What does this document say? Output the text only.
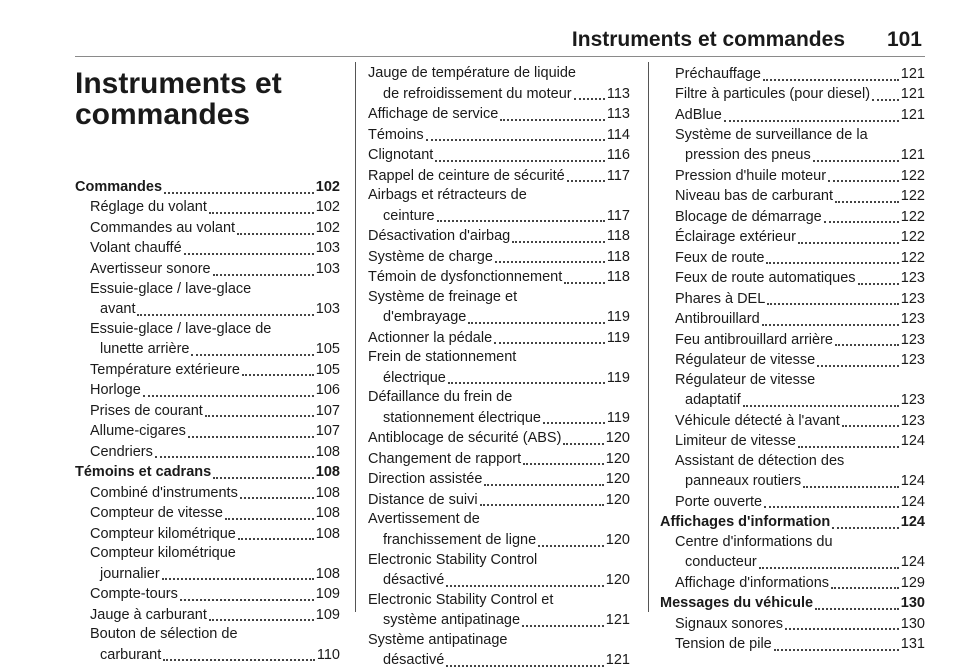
Instruments et commandes 101
Instruments et
commandes
Commandes	102
Réglage du volant	102
Commandes au volant	102
Volant chauffé	103
Avertisseur sonore	103
Essuie-glace / lave-glace
avant	103
Essuie-glace / lave-glace de
lunette arrière	105
Température extérieure	105
Horloge	106
Prises de courant	107
Allume-cigares	107
Cendriers	108
Témoins et cadrans	108
Combiné d'instruments	108
Compteur de vitesse	108
Compteur kilométrique	108
Compteur kilométrique
journalier	108
Compte-tours	109
Jauge à carburant	109
Bouton de sélection de
carburant	110
Jauge de température de liquide
de refroidissement du moteur 113
Affichage de service	113
Témoins	114
Clignotant	116
Rappel de ceinture de sécurité	117
Airbags et rétracteurs de
ceinture	117
Désactivation d'airbag	118
Système de charge	118
Témoin de dysfonctionnement	118
Système de freinage et
d'embrayage	119
Actionner la pédale	119
Frein de stationnement
électrique	119
Défaillance du frein de
stationnement électrique	119
Antiblocage de sécurité (ABS)	120
Changement de rapport	120
Direction assistée	120
Distance de suivi	120
Avertissement de
franchissement de ligne	120
Electronic Stability Control
désactivé	120
Electronic Stability Control et
système antipatinage	121
Système antipatinage
désactivé	121
Préchauffage	121
Filtre à particules (pour diesel) 121
AdBlue	121
Système de surveillance de la
pression des pneus	121
Pression d'huile moteur	122
Niveau bas de carburant	122
Blocage de démarrage	122
Éclairage extérieur	122
Feux de route	122
Feux de route automatiques	123
Phares à DEL	123
Antibrouillard	123
Feu antibrouillard arrière	123
Régulateur de vitesse	123
Régulateur de vitesse
adaptatif	123
Véhicule détecté à l'avant	123
Limiteur de vitesse	124
Assistant de détection des
panneaux routiers	124
Porte ouverte	124
Affichages d'information	124
Centre d'informations du
conducteur	124
Affichage d'informations	129
Messages du véhicule	130
Signaux sonores	130
Tension de pile	131
